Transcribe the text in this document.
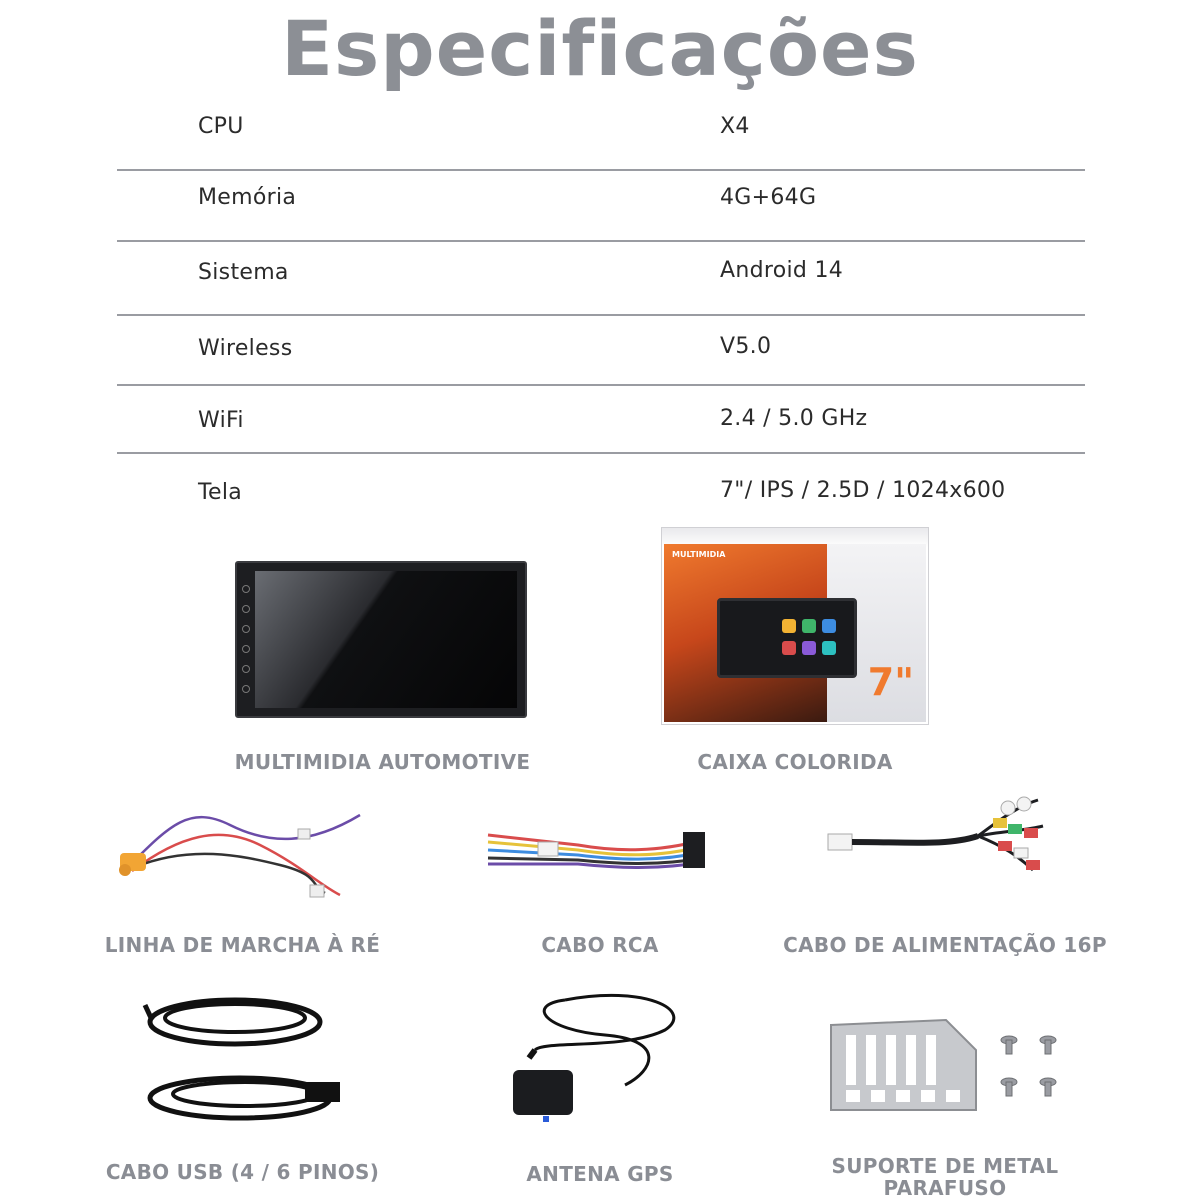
Especificações
CPU	X4
Memória	4G+64G
Sistema	Android 14
Wireless	V5.0
WiFi	2.4 / 5.0 GHz
Tela	7"/ IPS / 2.5D / 1024x600
MULTIMIDIA AUTOMOTIVE
MULTIMIDIA
7"
CAIXA COLORIDA
LINHA DE MARCHA À RÉ	CABO RCA	CABO DE ALIMENTAÇÃO 16P
CABO USB (4 / 6 PINOS)	ANTENA GPS	SUPORTE DE METAL
PARAFUSO
